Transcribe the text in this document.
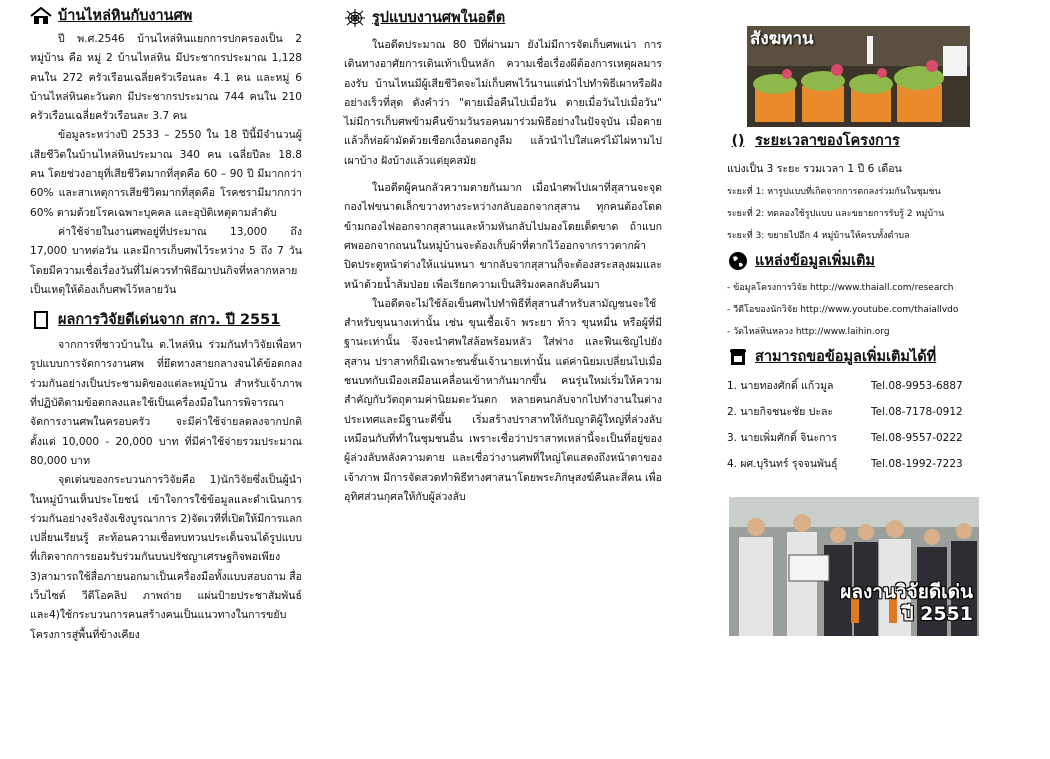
บ้านไหล่หินกับงานศพ

ปี พ.ศ.2546 บ้านไหล่หินแยกการปกครองเป็น 2 หมู่บ้าน คือ หมู่ 2 บ้านไหล่หิน มีประชากรประมาณ 1,128 คนใน 272 ครัวเรือนเฉลี่ยครัวเรือนละ 4.1 คน และหมู่ 6 บ้านไหล่หินตะวันตก มีประชากรประมาณ 744 คนใน 210 ครัวเรือนเฉลี่ยครัวเรือนละ 3.7 คน

ข้อมูลระหว่างปี 2533 – 2550 ใน 18 ปีนี้มีจำนวนผู้เสียชีวิตในบ้านไหล่หินประมาณ 340 คน เฉลี่ยปีละ 18.8 คน โดยช่วงอายุที่เสียชีวิตมากที่สุดคือ 60 – 90 ปี มีมากกว่า 60% และสาเหตุการเสียชีวิตมากที่สุดคือ โรคชรามีมากกว่า 60% ตามด้วยโรคเฉพาะบุคคล และอุบัติเหตุตามลำดับ

ค่าใช้จ่ายในงานศพอยู่ที่ประมาณ 13,000 ถึง 17,000 บาทต่อวัน และมีการเก็บศพไว้ระหว่าง 5 ถึง 7 วัน โดยมีความเชื่อเรื่องวันที่ไม่ควรทำพิธีฌาปนกิจที่หลากหลายเป็นเหตุให้ต้องเก็บศพไว้หลายวัน

ผลการวิจัยดีเด่นจาก สกว. ปี 2551

จากการที่ชาวบ้านใน ต.ไหล่หิน ร่วมกันทำวิจัยเพื่อหารูปแบบการจัดการงานศพ ที่ยึดทางสายกลางจนได้ข้อตกลงร่วมกันอย่างเป็นประชามติของแต่ละหมู่บ้าน สำหรับเจ้าภาพที่ปฏิบัติตามข้อตกลงและใช้เป็นเครื่องมือในการพิจารณาจัดการงานศพในครอบครัว จะมีค่าใช้จ่ายลดลงจากปกติตั้งแต่ 10,000 - 20,000 บาท ที่มีค่าใช้จ่ายรวมประมาณ 80,000 บาท

จุดเด่นของกระบวนการวิจัยคือ 1)นักวิจัยซึ่งเป็นผู้นำในหมู่บ้านเห็นประโยชน์ เข้าใจการใช้ข้อมูลและดำเนินการร่วมกันอย่างจริงจังเชิงบูรณาการ 2)จัดเวทีที่เปิดให้มีการแลกเปลี่ยนเรียนรู้ สะท้อนความเชื่อทบทวนประเด็นจนได้รูปแบบที่เกิดจากการยอมรับร่วมกันบนปรัชญาเศรษฐกิจพอเพียง 3)สามารถใช้สื่อภายนอกมาเป็นเครื่องมือทั้งแบบสอบถาม สื่อเว็บไซต์ วีดีโอคลิป ภาพถ่าย แผ่นป้ายประชาสัมพันธ์ และ4)ใช้กระบวนการคนสร้างคนเป็นแนวทางในการขยับโครงการสู่พื้นที่ข้างเคียง

รูปแบบงานศพในอดีต

ในอดีตประมาณ 80 ปีที่ผ่านมา ยังไม่มีการจัดเก็บศพเน่า การเดินทางอาศัยการเดินเท้าเป็นหลัก ความเชื่อเรื่องผีต้องการเหตุผลมารองรับ บ้านไหนมีผู้เสียชีวิตจะไม่เก็บศพไว้นานแต่นำไปทำพิธีเผาหรือฝังอย่างเร็วที่สุด ดังคำว่า "ตายเมื่อคืนไปเมื่อวัน ตายเมื่อวันไปเมื่อวัน" ไม่มีการเก็บศพข้ามคืนข้ามวันรอคนมาร่วมพิธีอย่างในปัจจุบัน เมื่อตายแล้วก็ห่อผ้ามัดด้วยเชือกเงื่อนตอกงูลืม แล้วนำไปใส่แคร่ไม้ไผ่หามไปเผาบ้าง ฝังบ้างแล้วแต่ยุคสมัย

ในอดีตผู้คนกลัวความตายกันมาก เมื่อนำศพไปเผาที่สุสานจะจุดกองไฟขนาดเล็กขวางทางระหว่างกลับออกจากสุสาน ทุกคนต้องโดดข้ามกองไฟออกจากสุสานและห้ามหันกลับไปมองโดยเด็ดขาด ถ้าแบกศพออกจากถนนในหมู่บ้านจะต้องเก็บผ้าที่ตากไว้ออกจากราวตากผ้า ปิดประตูหน้าต่างให้แน่นหนา ขากลับจากสุสานก็จะต้องสระสลุงผมและหน้าด้วยน้ำส้มป่อย เพื่อเรียกความเป็นสิริมงคลกลับคืนมา

ในอดีตจะไม่ใช้ล้อเข็นศพไปทำพิธีที่สุสานสำหรับสามัญชนจะใช้สำหรับขุนนางเท่านั้น เช่น ขุนเชื้อเจ้า พระยา ท้าว ขุนหมื่น หรือผู้ที่มีฐานะเท่านั้น จึงจะนำศพใส่ล้อพร้อมหลัว ใส่ฟาง และฟืนเชิญไปยังสุสาน ปราสาทก็มีเฉพาะชนชั้นเจ้านายเท่านั้น แต่ค่านิยมเปลี่ยนไปเมื่อชนบทกับเมืองเสมือนเคลื่อนเข้าหากันมากขึ้น คนรุ่นใหม่เริ่มให้ความสำคัญกับวัตถุตามค่านิยมตะวันตก หลายคนกลับจากไปทำงานในต่างประเทศและมีฐานะดีขึ้น เริ่มสร้างปราสาทให้กับญาติผู้ใหญ่ที่ล่วงลับเหมือนกับที่ทำในชุมชนอื่น เพราะเชื่อว่าปราสาทเหล่านี้จะเป็นที่อยู่ของผู้ล่วงลับหลังความตาย และเชื่อว่างานศพที่ใหญ่โตแสดงถึงหน้าตาของเจ้าภาพ มีการจัดสวดทำพิธีทางศาสนาโดยพระภิกษุสงฆ์คืนละสี่คน เพื่ออุทิศส่วนกุศลให้กับผู้ล่วงลับ

สังฆทาน
() ระยะเวลาของโครงการ

แบ่งเป็น 3 ระยะ รวมเวลา 1 ปี 6 เดือน

ระยะที่ 1: หารูปแบบที่เกิดจากการตกลงร่วมกันในชุมชน

ระยะที่ 2: ทดลองใช้รูปแบบ และขยายการรับรู้ 2 หมู่บ้าน

ระยะที่ 3: ขยายไปอีก 4 หมู่บ้านให้ครบทั้งตำบล

แหล่งข้อมูลเพิ่มเติม

- ข้อมูลโครงการวิจัย http://www.thaiall.com/research

- วีดีโอของนักวิจัย http://www.youtube.com/thaiallvdo

- วัดไหล่หินหลวง http://www.laihin.org

สามารถขอข้อมูลเพิ่มเติมได้ที่
1. นายทองศักดิ์ แก้วมูล	Tel.08-9953-6887
2. นายกิจชนะชัย ปะละ	Tel.08-7178-0912
3. นายเพิ่มศักดิ์ จินะการ	Tel.08-9557-0222
4. ผศ.บุรินทร์ รุจจนพันธุ์	Tel.08-1992-7223
ผลงานวิจัยดีเด่น
ปี 2551
